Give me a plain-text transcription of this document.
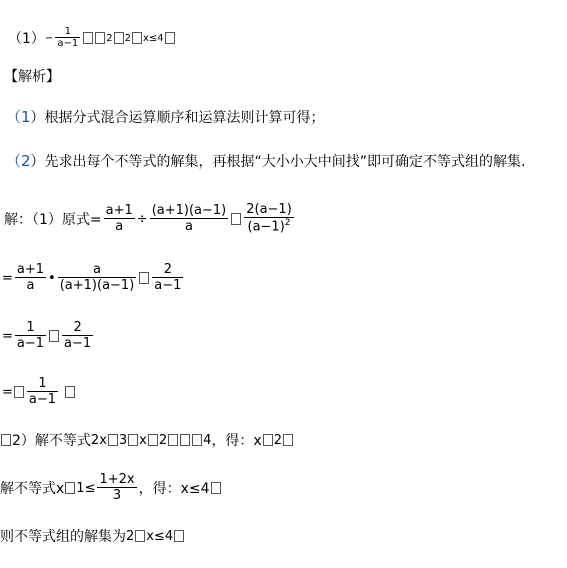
$(1) - \frac{1}{a-1}$	2 2 x≤4
【解析】
（1 ） 根据分式混合运算顺序和运算法则计算可得；
（2 ） 先求出每个不等式的解集，再根据“大小小大中间找”即可确定不等式组的解集.
解：（1）原式= $\frac{a+1}{a} \div \frac{(a+1)(a-1)}{a} \frac{2(a-1)}{(a-1)^2}$
= $\frac{a+1}{a}$ • $\frac{a}{(a+1)(a-1)} \frac{2}{a-1}$
= $\frac{1}{a-1} \frac{2}{a-1}$
= $\frac{1}{a-1}$
2）解不等式 2x 3 x 2	4 ，得：x 2
解不等式x $1\le \frac{1+2x}{3}$ ，得：x≤4
则不等式组的解集为 2 x≤4
